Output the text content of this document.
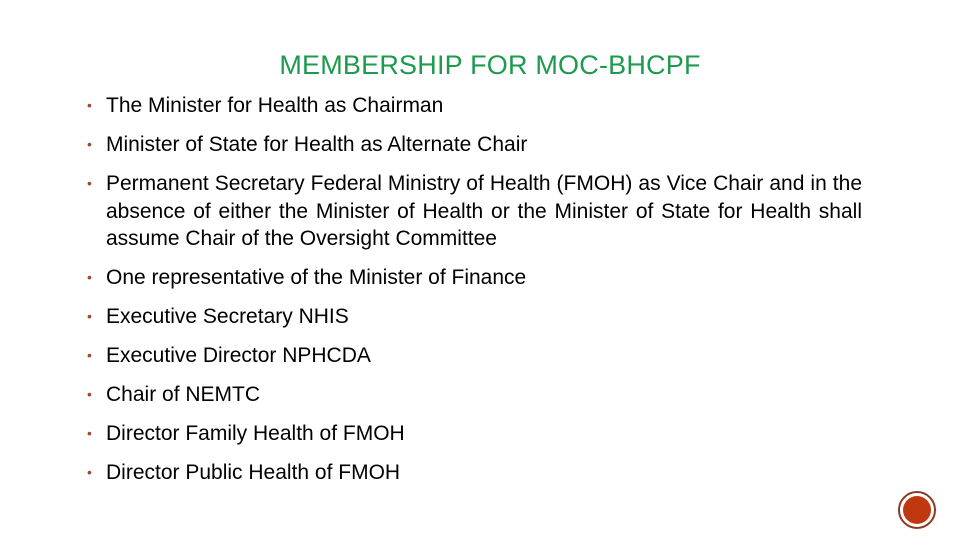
MEMBERSHIP FOR MOC-BHCPF
• The Minister for Health as Chairman
• Minister of State for Health as Alternate Chair
• Permanent Secretary Federal Ministry of Health (FMOH) as Vice Chair and in the absence of either the Minister of Health or the Minister of State for Health shall assume Chair of the Oversight Committee
• One representative of the Minister of Finance
• Executive Secretary NHIS
• Executive Director NPHCDA
• Chair of NEMTC
• Director Family Health of FMOH
• Director Public Health of FMOH
